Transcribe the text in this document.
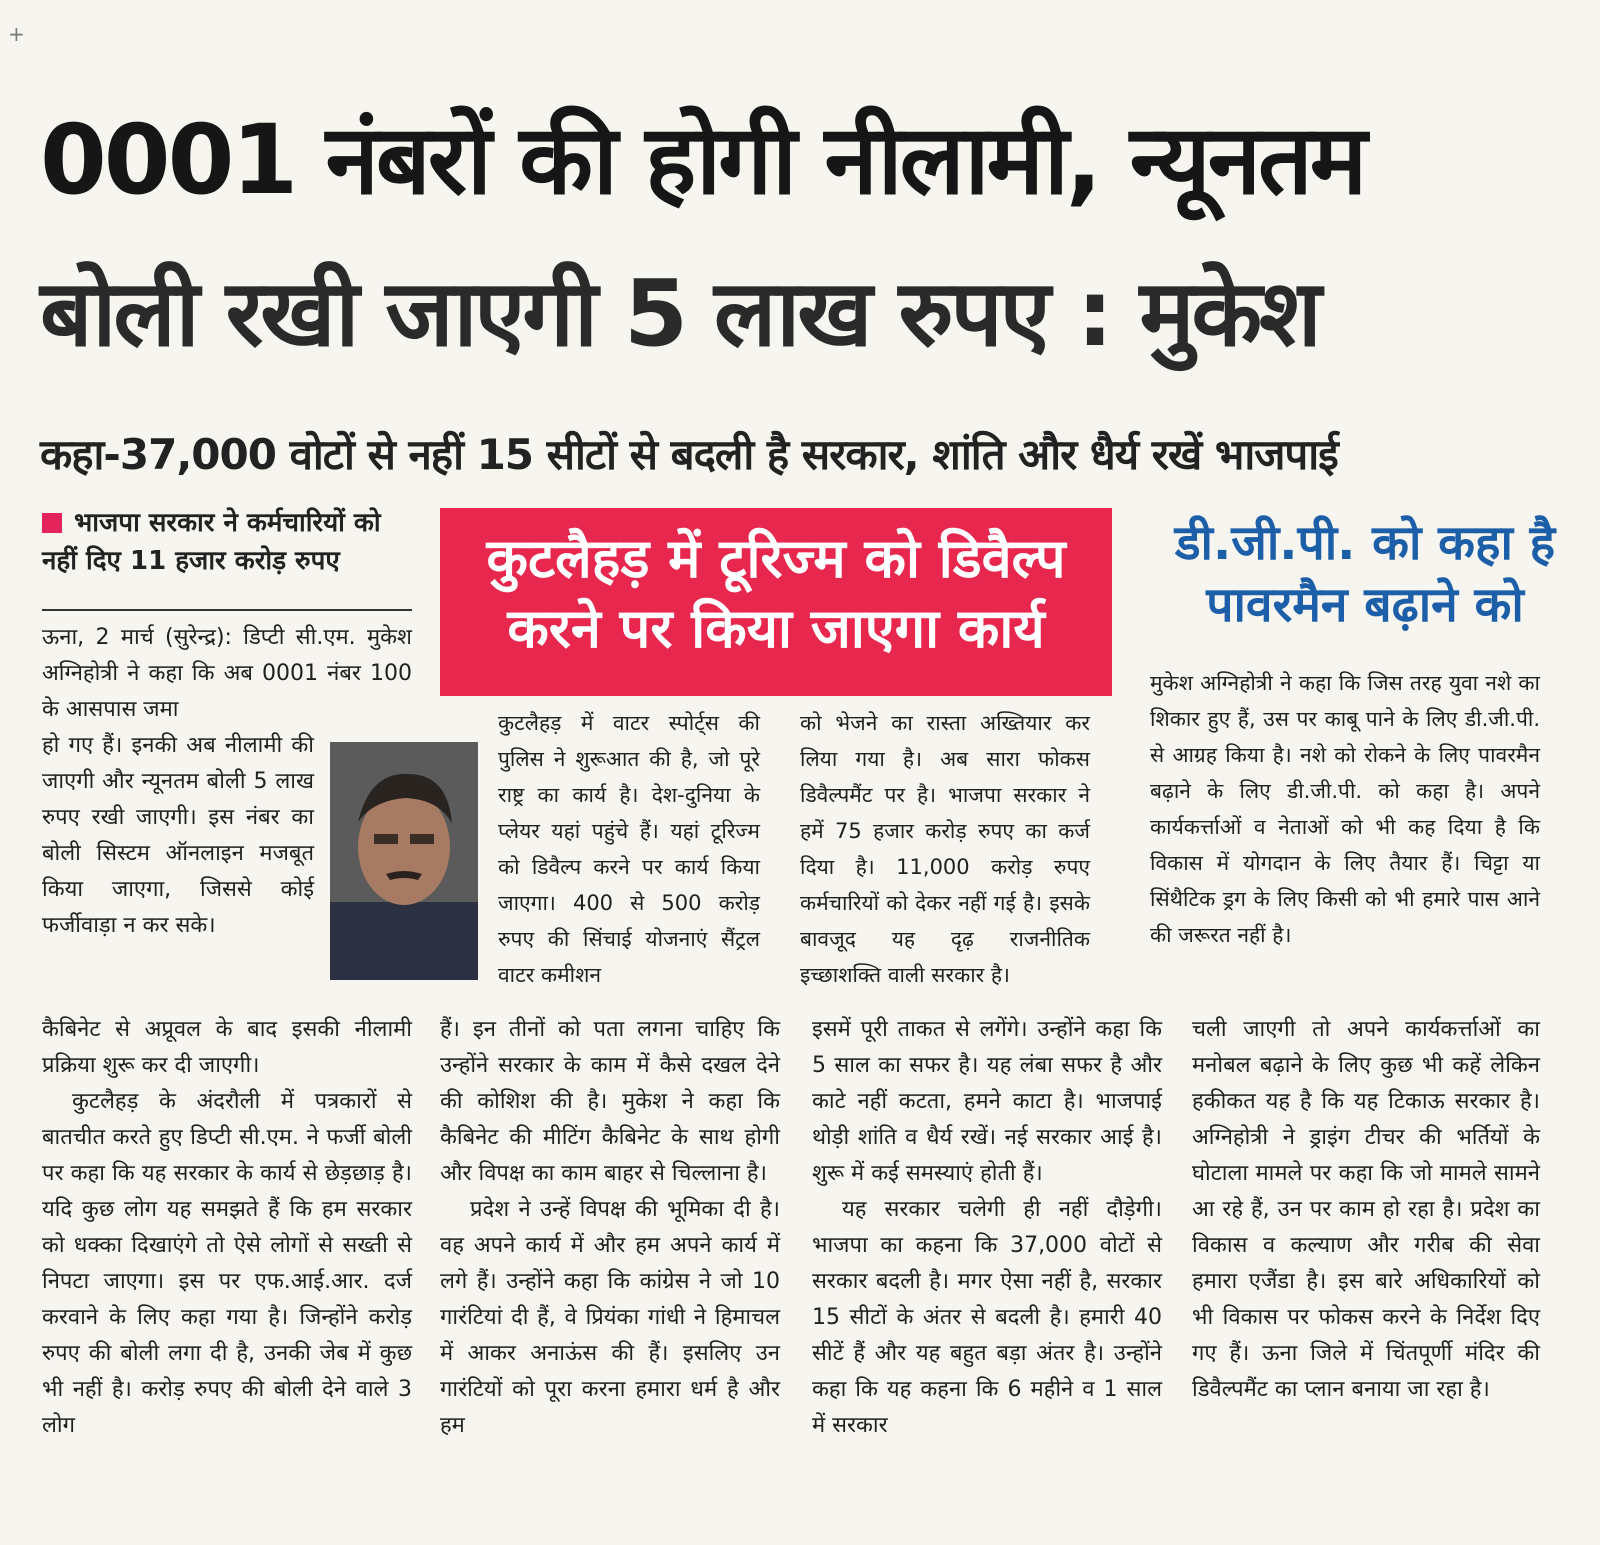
+
0001 नंबरों की होगी नीलामी, न्यूनतम
बोली रखी जाएगी 5 लाख रुपए : मुकेश
कहा-37,000 वोटों से नहीं 15 सीटों से बदली है सरकार, शांति और धैर्य रखें भाजपाई
भाजपा सरकार ने कर्मचारियों को नहीं दिए 11 हजार करोड़ रुपए	कुटलैहड़ में टूरिज्म को डिवैल्प करने पर किया जाएगा कार्य
डी.जी.पी. को कहा है पावरमैन बढ़ाने को
ऊना, 2 मार्च (सुरेन्द्र): डिप्टी सी.एम. मुकेश अग्निहोत्री ने कहा कि अब 0001 नंबर 100 के आसपास जमा
हो गए हैं। इनकी अब नीलामी की जाएगी और न्यूनतम बोली 5 लाख रुपए रखी जाएगी। इस नंबर का बोली सिस्टम ऑनलाइन मजबूत किया जाएगा, जिससे कोई फर्जीवाड़ा न कर सके।
कुटलैहड़ में वाटर स्पोर्ट्स की पुलिस ने शुरूआत की है, जो पूरे राष्ट्र का कार्य है। देश-दुनिया के प्लेयर यहां पहुंचे हैं। यहां टूरिज्म को डिवैल्प करने पर कार्य किया जाएगा। 400 से 500 करोड़ रुपए की सिंचाई योजनाएं सैंट्रल वाटर कमीशन
को भेजने का रास्ता अख्तियार कर लिया गया है। अब सारा फोकस डिवैल्पमैंट पर है। भाजपा सरकार ने हमें 75 हजार करोड़ रुपए का कर्ज दिया है। 11,000 करोड़ रुपए कर्मचारियों को देकर नहीं गई है। इसके बावजूद यह दृढ़ राजनीतिक इच्छाशक्ति वाली सरकार है।
मुकेश अग्निहोत्री ने कहा कि जिस तरह युवा नशे का शिकार हुए हैं, उस पर काबू पाने के लिए डी.जी.पी. से आग्रह किया है। नशे को रोकने के लिए पावरमैन बढ़ाने के लिए डी.जी.पी. को कहा है। अपने कार्यकर्त्ताओं व नेताओं को भी कह दिया है कि विकास में योगदान के लिए तैयार हैं। चिट्टा या सिंथैटिक ड्रग के लिए किसी को भी हमारे पास आने की जरूरत नहीं है।

कैबिनेट से अप्रूवल के बाद इसकी नीलामी प्रक्रिया शुरू कर दी जाएगी।

कुटलैहड़ के अंदरौली में पत्रकारों से बातचीत करते हुए डिप्टी सी.एम. ने फर्जी बोली पर कहा कि यह सरकार के कार्य से छेड़छाड़ है। यदि कुछ लोग यह समझते हैं कि हम सरकार को धक्का दिखाएंगे तो ऐसे लोगों से सख्ती से निपटा जाएगा। इस पर एफ.आई.आर. दर्ज करवाने के लिए कहा गया है। जिन्होंने करोड़ रुपए की बोली लगा दी है, उनकी जेब में कुछ भी नहीं है। करोड़ रुपए की बोली देने वाले 3 लोग

हैं। इन तीनों को पता लगना चाहिए कि उन्होंने सरकार के काम में कैसे दखल देने की कोशिश की है। मुकेश ने कहा कि कैबिनेट की मीटिंग कैबिनेट के साथ होगी और विपक्ष का काम बाहर से चिल्लाना है।

प्रदेश ने उन्हें विपक्ष की भूमिका दी है। वह अपने कार्य में और हम अपने कार्य में लगे हैं। उन्होंने कहा कि कांग्रेस ने जो 10 गारंटियां दी हैं, वे प्रियंका गांधी ने हिमाचल में आकर अनाऊंस की हैं। इसलिए उन गारंटियों को पूरा करना हमारा धर्म है और हम

इसमें पूरी ताकत से लगेंगे। उन्होंने कहा कि 5 साल का सफर है। यह लंबा सफर है और काटे नहीं कटता, हमने काटा है। भाजपाई थोड़ी शांति व धैर्य रखें। नई सरकार आई है। शुरू में कई समस्याएं होती हैं।

यह सरकार चलेगी ही नहीं दौड़ेगी। भाजपा का कहना कि 37,000 वोटों से सरकार बदली है। मगर ऐसा नहीं है, सरकार 15 सीटों के अंतर से बदली है। हमारी 40 सीटें हैं और यह बहुत बड़ा अंतर है। उन्होंने कहा कि यह कहना कि 6 महीने व 1 साल में सरकार

चली जाएगी तो अपने कार्यकर्त्ताओं का मनोबल बढ़ाने के लिए कुछ भी कहें लेकिन हकीकत यह है कि यह टिकाऊ सरकार है। अग्निहोत्री ने ड्राइंग टीचर की भर्तियों के घोटाला मामले पर कहा कि जो मामले सामने आ रहे हैं, उन पर काम हो रहा है। प्रदेश का विकास व कल्याण और गरीब की सेवा हमारा एजैंडा है। इस बारे अधिकारियों को भी विकास पर फोकस करने के निर्देश दिए गए हैं। ऊना जिले में चिंतपूर्णी मंदिर की डिवैल्पमैंट का प्लान बनाया जा रहा है।
